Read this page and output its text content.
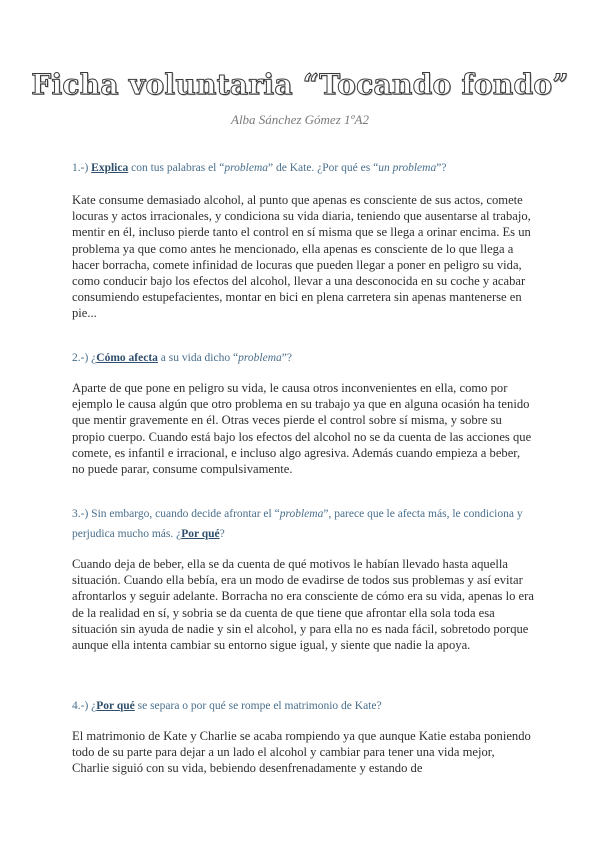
Ficha voluntaria “Tocando fondo”
Alba Sánchez Gómez 1ºA2
1.-) Explica con tus palabras el “problema” de Kate. ¿Por qué es “un problema”?

Kate consume demasiado alcohol, al punto que apenas es consciente de sus actos, comete locuras y actos irracionales, y condiciona su vida diaria, teniendo que ausentarse al trabajo, mentir en él, incluso pierde tanto el control en sí misma que se llega a orinar encima. Es un problema ya que como antes he mencionado, ella apenas es consciente de lo que llega a hacer borracha, comete infinidad de locuras que pueden llegar a poner en peligro su vida, como conducir bajo los efectos del alcohol, llevar a una desconocida en su coche y acabar consumiendo estupefacientes, montar en bici en plena carretera sin apenas mantenerse en pie...

2.-) ¿Cómo afecta a su vida dicho “problema”?

Aparte de que pone en peligro su vida, le causa otros inconvenientes en ella, como por ejemplo le causa algún que otro problema en su trabajo ya que en alguna ocasión ha tenido que mentir gravemente en él. Otras veces pierde el control sobre sí misma, y sobre su propio cuerpo. Cuando está bajo los efectos del alcohol no se da cuenta de las acciones que comete, es infantil e irracional, e incluso algo agresiva. Además cuando empieza a beber, no puede parar, consume compulsivamente.

3.-) Sin embargo, cuando decide afrontar el “problema”, parece que le afecta más, le condiciona y perjudica mucho más. ¿Por qué?

Cuando deja de beber, ella se da cuenta de qué motivos le habían llevado hasta aquella situación. Cuando ella bebía, era un modo de evadirse de todos sus problemas y así evitar afrontarlos y seguir adelante. Borracha no era consciente de cómo era su vida, apenas lo era de la realidad en sí, y sobria se da cuenta de que tiene que afrontar ella sola toda esa situación sin ayuda de nadie y sin el alcohol, y para ella no es nada fácil, sobretodo porque aunque ella intenta cambiar su entorno sigue igual, y siente que nadie la apoya.

4.-) ¿Por qué se separa o por qué se rompe el matrimonio de Kate?

El matrimonio de Kate y Charlie se acaba rompiendo ya que aunque Katie estaba poniendo todo de su parte para dejar a un lado el alcohol y cambiar para tener una vida mejor, Charlie siguió con su vida, bebiendo desenfrenadamente y estando de
